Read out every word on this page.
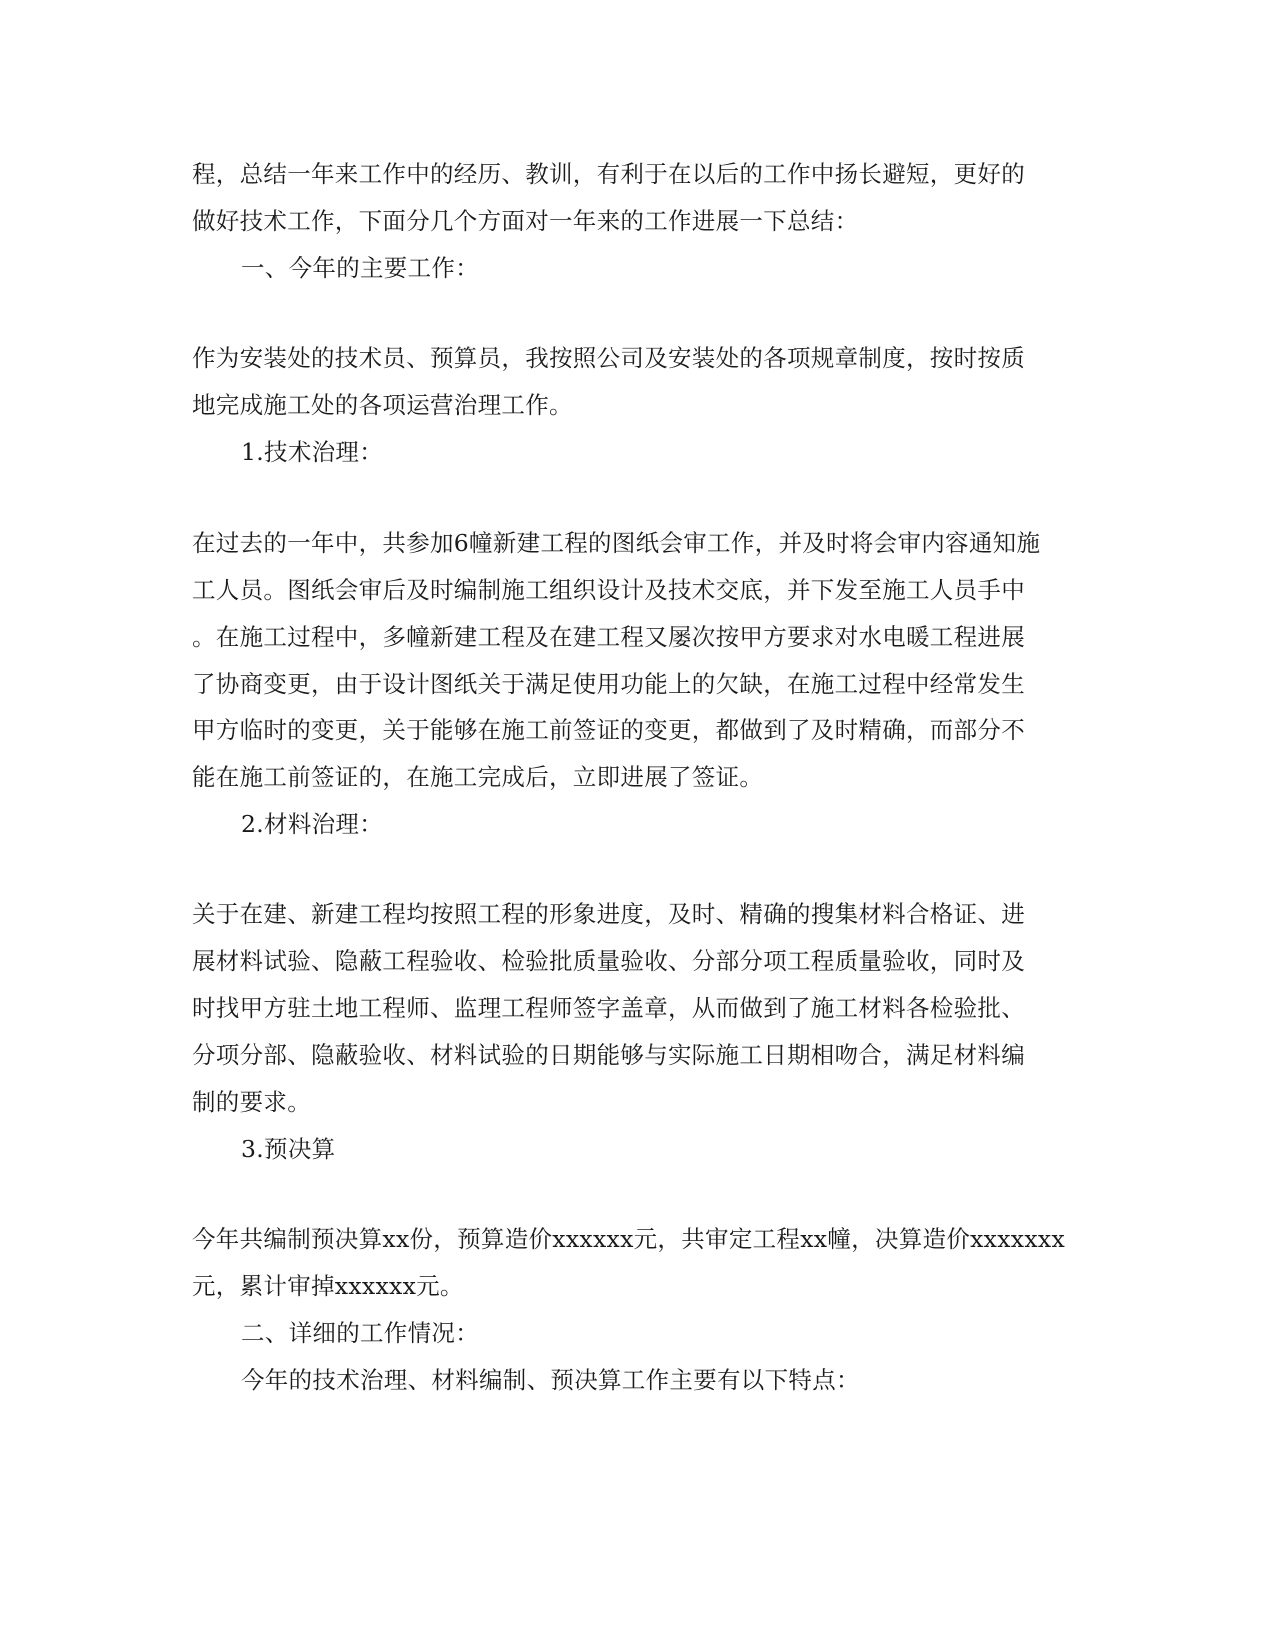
程，总结一年来工作中的经历、教训，有利于在以后的工作中扬长避短，更好的
做好技术工作，下面分几个方面对一年来的工作进展一下总结：
一、今年的主要工作：
作为安装处的技术员、预算员，我按照公司及安装处的各项规章制度，按时按质
地完成施工处的各项运营治理工作。
1.技术治理：
在过去的一年中，共参加6幢新建工程的图纸会审工作，并及时将会审内容通知施
工人员。图纸会审后及时编制施工组织设计及技术交底，并下发至施工人员手中
。在施工过程中，多幢新建工程及在建工程又屡次按甲方要求对水电暖工程进展
了协商变更，由于设计图纸关于满足使用功能上的欠缺，在施工过程中经常发生
甲方临时的变更，关于能够在施工前签证的变更，都做到了及时精确，而部分不
能在施工前签证的，在施工完成后，立即进展了签证。
2.材料治理：
关于在建、新建工程均按照工程的形象进度，及时、精确的搜集材料合格证、进
展材料试验、隐蔽工程验收、检验批质量验收、分部分项工程质量验收，同时及
时找甲方驻土地工程师、监理工程师签字盖章，从而做到了施工材料各检验批、
分项分部、隐蔽验收、材料试验的日期能够与实际施工日期相吻合，满足材料编
制的要求。
3.预决算
今年共编制预决算xx份，预算造价xxxxxx元，共审定工程xx幢，决算造价xxxxxxx
元，累计审掉xxxxxx元。
二、详细的工作情况：
今年的技术治理、材料编制、预决算工作主要有以下特点：
